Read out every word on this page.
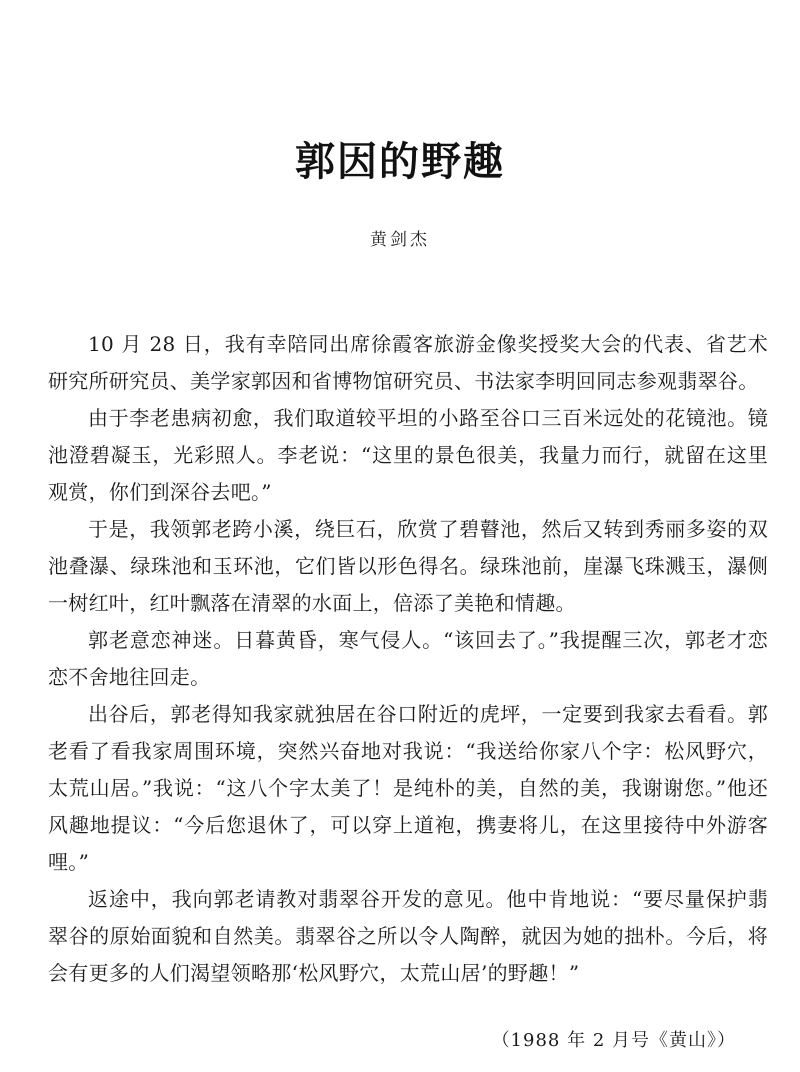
郭因的野趣
黄剑杰

10 月 28 日，我有幸陪同出席徐霞客旅游金像奖授奖大会的代表、省艺术研究所研究员、美学家郭因和省博物馆研究员、书法家李明回同志参观翡翠谷。

由于李老患病初愈，我们取道较平坦的小路至谷口三百米远处的花镜池。镜池澄碧凝玉，光彩照人。李老说：“这里的景色很美，我量力而行，就留在这里观赏，你们到深谷去吧。”

于是，我领郭老跨小溪，绕巨石，欣赏了碧瞽池，然后又转到秀丽多姿的双池叠瀑、绿珠池和玉环池，它们皆以形色得名。绿珠池前，崖瀑飞珠溅玉，瀑侧一树红叶，红叶飘落在清翠的水面上，倍添了美艳和情趣。

郭老意恋神迷。日暮黄昏，寒气侵人。“该回去了。”我提醒三次，郭老才恋恋不舍地往回走。

出谷后，郭老得知我家就独居在谷口附近的虎坪，一定要到我家去看看。郭老看了看我家周围环境，突然兴奋地对我说：“我送给你家八个字：松风野穴，太荒山居。”我说：“这八个字太美了！是纯朴的美，自然的美，我谢谢您。”他还风趣地提议：“今后您退休了，可以穿上道袍，携妻将儿，在这里接待中外游客哩。”

返途中，我向郭老请教对翡翠谷开发的意见。他中肯地说：“要尽量保护翡翠谷的原始面貌和自然美。翡翠谷之所以令人陶醉，就因为她的拙朴。今后，将会有更多的人们渴望领略那‘松风野穴，太荒山居’的野趣！”

（1988 年 2 月号《黄山》）
